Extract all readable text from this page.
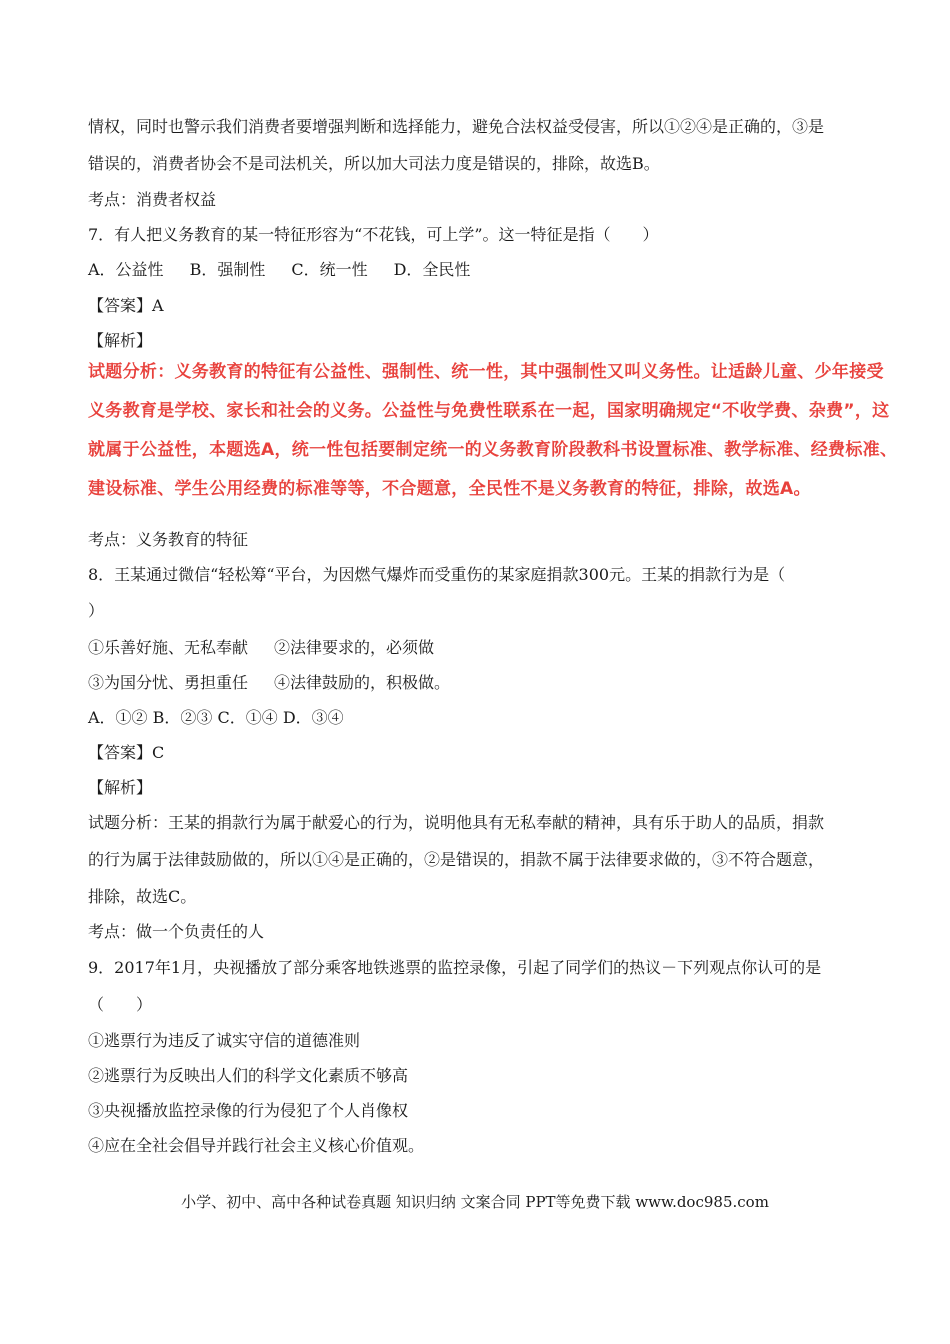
情权，同时也警示我们消费者要增强判断和选择能力，避免合法权益受侵害，所以①②④是正确的，③是
错误的，消费者协会不是司法机关，所以加大司法力度是错误的，排除，故选B。
考点：消费者权益
7．有人把义务教育的某一特征形容为“不花钱，可上学”。这一特征是指（　　）
A．公益性 B．强制性 C．统一性 D．全民性
【答案】A
【解析】
试题分析：义务教育的特征有公益性、强制性、统一性，其中强制性又叫义务性。让适龄儿童、少年接受
义务教育是学校、家长和社会的义务。公益性与免费性联系在一起，国家明确规定“不收学费、杂费”，这
就属于公益性，本题选A，统一性包括要制定统一的义务教育阶段教科书设置标准、教学标准、经费标准、
建设标准、学生公用经费的标准等等，不合题意，全民性不是义务教育的特征，排除，故选A。
考点：义务教育的特征
8．王某通过微信“轻松筹“平台，为因燃气爆炸而受重伤的某家庭捐款300元。王某的捐款行为是（
）
①乐善好施、无私奉献 ②法律要求的，必须做
③为国分忧、勇担重任 ④法律鼓励的，积极做。
A．①② B．②③ C．①④ D．③④
【答案】C
【解析】
试题分析：王某的捐款行为属于献爱心的行为，说明他具有无私奉献的精神，具有乐于助人的品质，捐款
的行为属于法律鼓励做的，所以①④是正确的，②是错误的，捐款不属于法律要求做的，③不符合题意，
排除，故选C。
考点：做一个负责任的人
9．2017年1月，央视播放了部分乘客地铁逃票的监控录像，引起了同学们的热议－下列观点你认可的是
（　　）
①逃票行为违反了诚实守信的道德准则
②逃票行为反映出人们的科学文化素质不够高
③央视播放监控录像的行为侵犯了个人肖像权
④应在全社会倡导并践行社会主义核心价值观。
小学、初中、高中各种试卷真题 知识归纳 文案合同 PPT等免费下载 www.doc985.com
